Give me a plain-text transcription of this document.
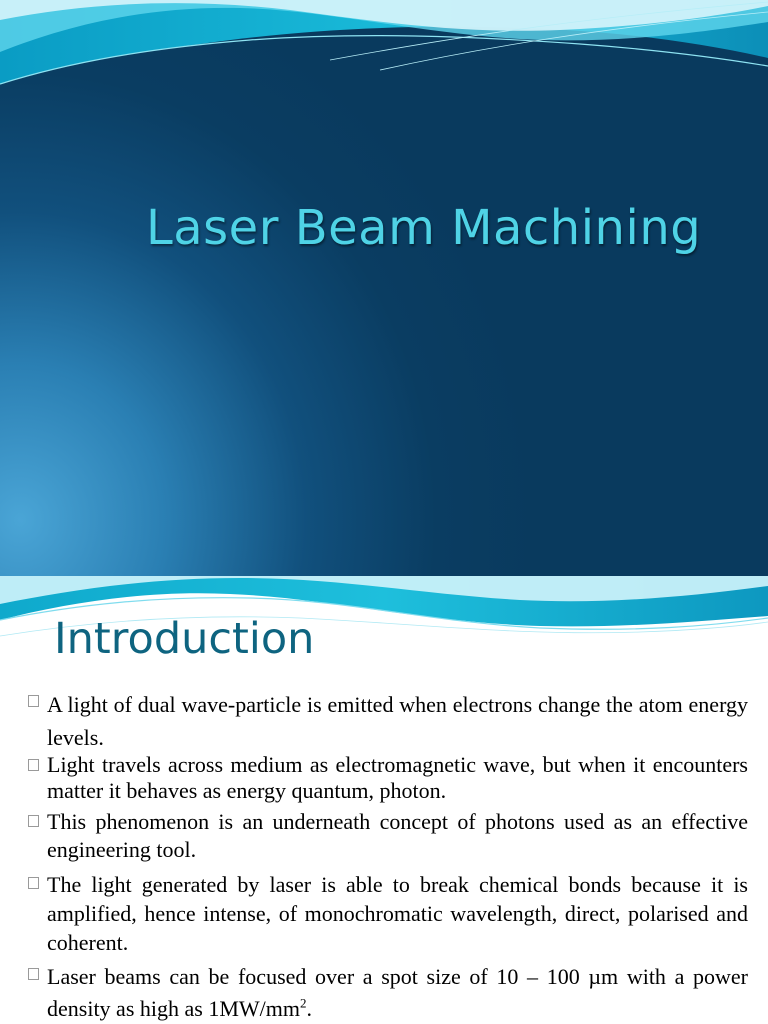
Laser Beam Machining
Introduction
A light of dual wave-particle is emitted when electrons change the atom energy levels.
Light travels across medium as electromagnetic wave, but when it encounters matter it behaves as energy quantum, photon.
This phenomenon is an underneath concept of photons used as an effective engineering tool.
The light generated by laser is able to break chemical bonds because it is amplified, hence intense, of monochromatic wavelength, direct, polarised and coherent.
Laser beams can be focused over a spot size of 10 – 100 µm with a power density as high as $1MW/mm^2$.
